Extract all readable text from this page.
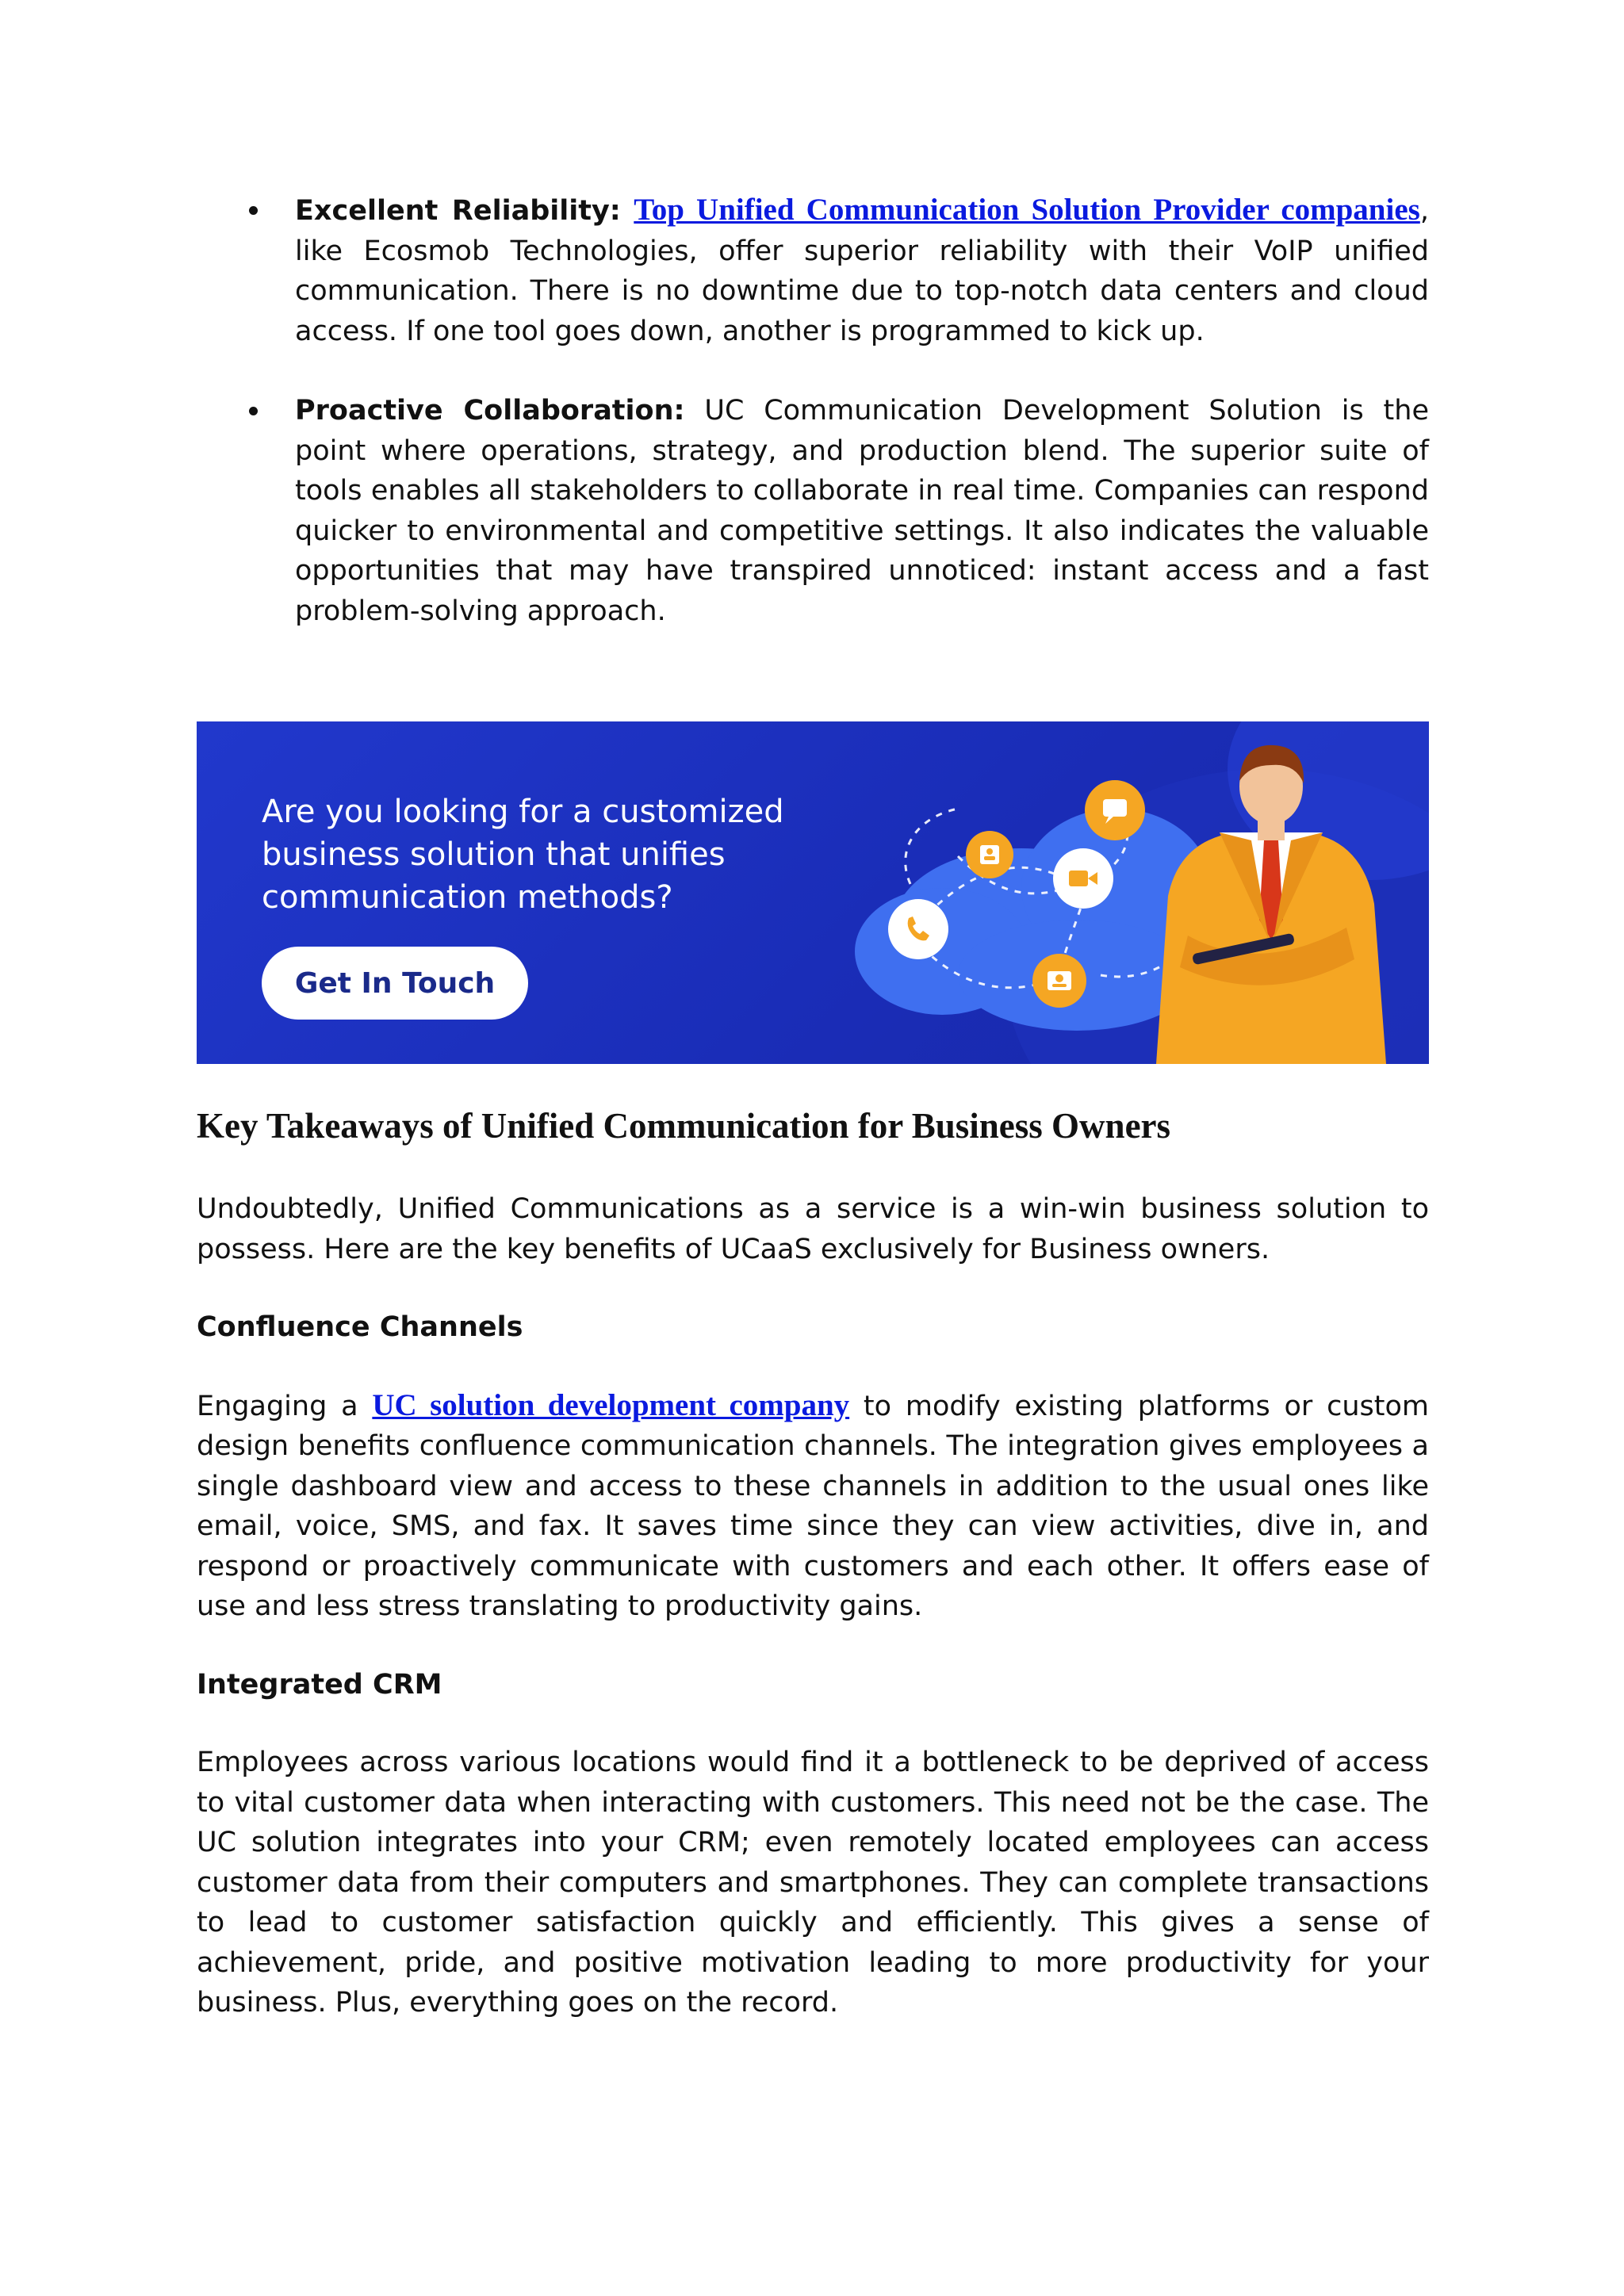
Excellent Reliability: Top Unified Communication Solution Provider companies, like Ecosmob Technologies, offer superior reliability with their VoIP unified communication. There is no downtime due to top-notch data centers and cloud access. If one tool goes down, another is programmed to kick up.
Proactive Collaboration: UC Communication Development Solution is the point where operations, strategy, and production blend. The superior suite of tools enables all stakeholders to collaborate in real time. Companies can respond quicker to environmental and competitive settings. It also indicates the valuable opportunities that may have transpired unnoticed: instant access and a fast problem-solving approach.

Are you looking for a customized
business solution that unifies
communication methods?

Get In Touch
Key Takeaways of Unified Communication for Business Owners

Undoubtedly, Unified Communications as a service is a win-win business solution to possess. Here are the key benefits of UCaaS exclusively for Business owners.

Confluence Channels

Engaging a UC solution development company to modify existing platforms or custom design benefits confluence communication channels. The integration gives employees a single dashboard view and access to these channels in addition to the usual ones like email, voice, SMS, and fax. It saves time since they can view activities, dive in, and respond or proactively communicate with customers and each other. It offers ease of use and less stress translating to productivity gains.

Integrated CRM

Employees across various locations would find it a bottleneck to be deprived of access to vital customer data when interacting with customers. This need not be the case. The UC solution integrates into your CRM; even remotely located employees can access customer data from their computers and smartphones. They can complete transactions to lead to customer satisfaction quickly and efficiently. This gives a sense of achievement, pride, and positive motivation leading to more productivity for your business. Plus, everything goes on the record.
